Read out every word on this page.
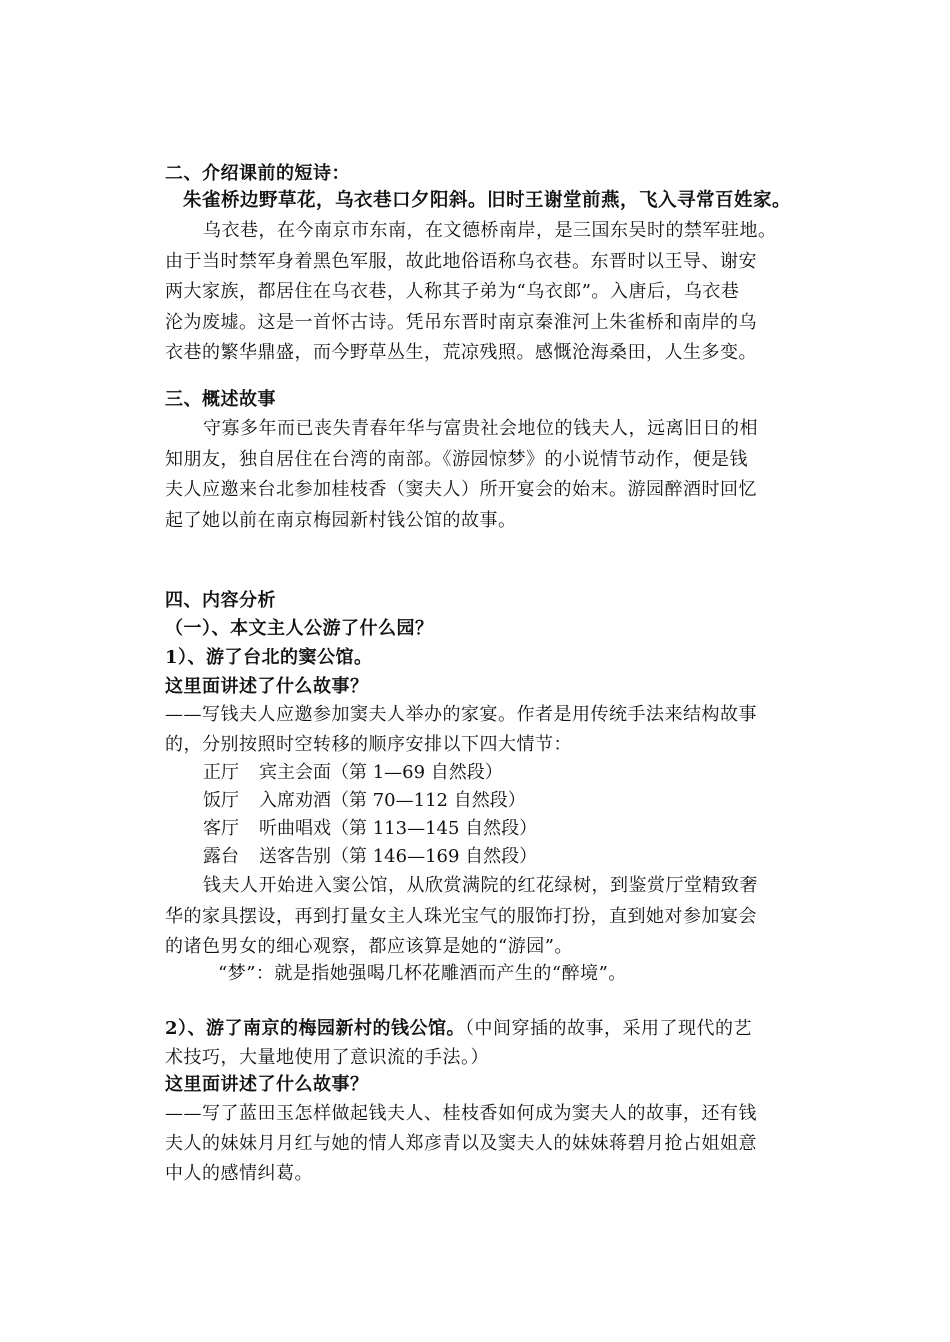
二、介绍课前的短诗：
朱雀桥边野草花，乌衣巷口夕阳斜。旧时王谢堂前燕，飞入寻常百姓家。
乌衣巷，在今南京市东南，在文德桥南岸，是三国东吴时的禁军驻地。
由于当时禁军身着黑色军服，故此地俗语称乌衣巷。东晋时以王导、谢安
两大家族，都居住在乌衣巷，人称其子弟为“乌衣郎”。入唐后，乌衣巷
沦为废墟。这是一首怀古诗。凭吊东晋时南京秦淮河上朱雀桥和南岸的乌
衣巷的繁华鼎盛，而今野草丛生，荒凉残照。感慨沧海桑田，人生多变。
三、概述故事
守寡多年而已丧失青春年华与富贵社会地位的钱夫人，远离旧日的相
知朋友，独自居住在台湾的南部。《游园惊梦》的小说情节动作，便是钱
夫人应邀来台北参加桂枝香（窦夫人）所开宴会的始末。游园醉酒时回忆
起了她以前在南京梅园新村钱公馆的故事。
四、内容分析
（一）、本文主人公游了什么园？
1）、游了台北的窦公馆。
这里面讲述了什么故事？
——写钱夫人应邀参加窦夫人举办的家宴。作者是用传统手法来结构故事
的，分别按照时空转移的顺序安排以下四大情节：
正厅 宾主会面（第 1—69 自然段）
饭厅 入席劝酒（第 70—112 自然段）
客厅 听曲唱戏（第 113—145 自然段）
露台 送客告别（第 146—169 自然段）
钱夫人开始进入窦公馆，从欣赏满院的红花绿树，到鉴赏厅堂精致奢
华的家具摆设，再到打量女主人珠光宝气的服饰打扮，直到她对参加宴会
的诸色男女的细心观察，都应该算是她的“游园”。
“梦”：就是指她强喝几杯花雕酒而产生的“醉境”。
2）、游了南京的梅园新村的钱公馆。（中间穿插的故事，采用了现代的艺
术技巧，大量地使用了意识流的手法。）
这里面讲述了什么故事？
——写了蓝田玉怎样做起钱夫人、桂枝香如何成为窦夫人的故事，还有钱
夫人的妹妹月月红与她的情人郑彦青以及窦夫人的妹妹蒋碧月抢占姐姐意
中人的感情纠葛。
